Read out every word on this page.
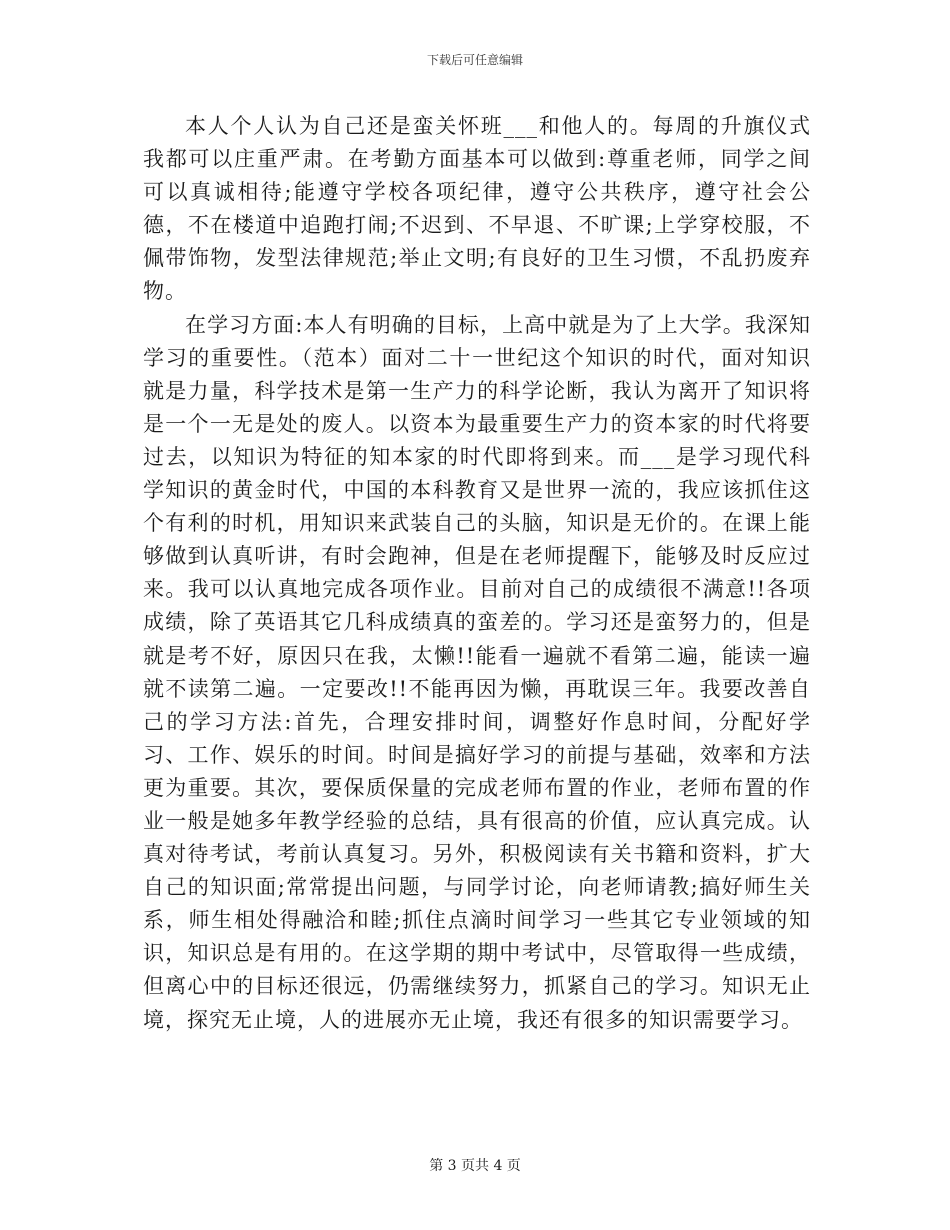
下载后可任意编辑

本人个人认为自己还是蛮关怀班___和他人的。每周的升旗仪式我都可以庄重严肃。在考勤方面基本可以做到:尊重老师，同学之间可以真诚相待;能遵守学校各项纪律，遵守公共秩序，遵守社会公德，不在楼道中追跑打闹;不迟到、不早退、不旷课;上学穿校服，不佩带饰物，发型法律规范;举止文明;有良好的卫生习惯，不乱扔废弃物。

在学习方面:本人有明确的目标，上高中就是为了上大学。我深知学习的重要性。（范本）面对二十一世纪这个知识的时代，面对知识就是力量，科学技术是第一生产力的科学论断，我认为离开了知识将是一个一无是处的废人。以资本为最重要生产力的资本家的时代将要过去，以知识为特征的知本家的时代即将到来。而___是学习现代科学知识的黄金时代，中国的本科教育又是世界一流的，我应该抓住这个有利的时机，用知识来武装自己的头脑，知识是无价的。在课上能够做到认真听讲，有时会跑神，但是在老师提醒下，能够及时反应过来。我可以认真地完成各项作业。目前对自己的成绩很不满意!!各项成绩，除了英语其它几科成绩真的蛮差的。学习还是蛮努力的，但是就是考不好，原因只在我，太懒!!能看一遍就不看第二遍，能读一遍就不读第二遍。一定要改!!不能再因为懒，再耽误三年。我要改善自己的学习方法:首先，合理安排时间，调整好作息时间，分配好学习、工作、娱乐的时间。时间是搞好学习的前提与基础，效率和方法更为重要。其次，要保质保量的完成老师布置的作业，老师布置的作业一般是她多年教学经验的总结，具有很高的价值，应认真完成。认真对待考试，考前认真复习。另外，积极阅读有关书籍和资料，扩大自己的知识面;常常提出问题，与同学讨论，向老师请教;搞好师生关系，师生相处得融洽和睦;抓住点滴时间学习一些其它专业领域的知识，知识总是有用的。在这学期的期中考试中，尽管取得一些成绩，但离心中的目标还很远，仍需继续努力，抓紧自己的学习。知识无止境，探究无止境，人的进展亦无止境，我还有很多的知识需要学习。

第 3 页共 4 页
